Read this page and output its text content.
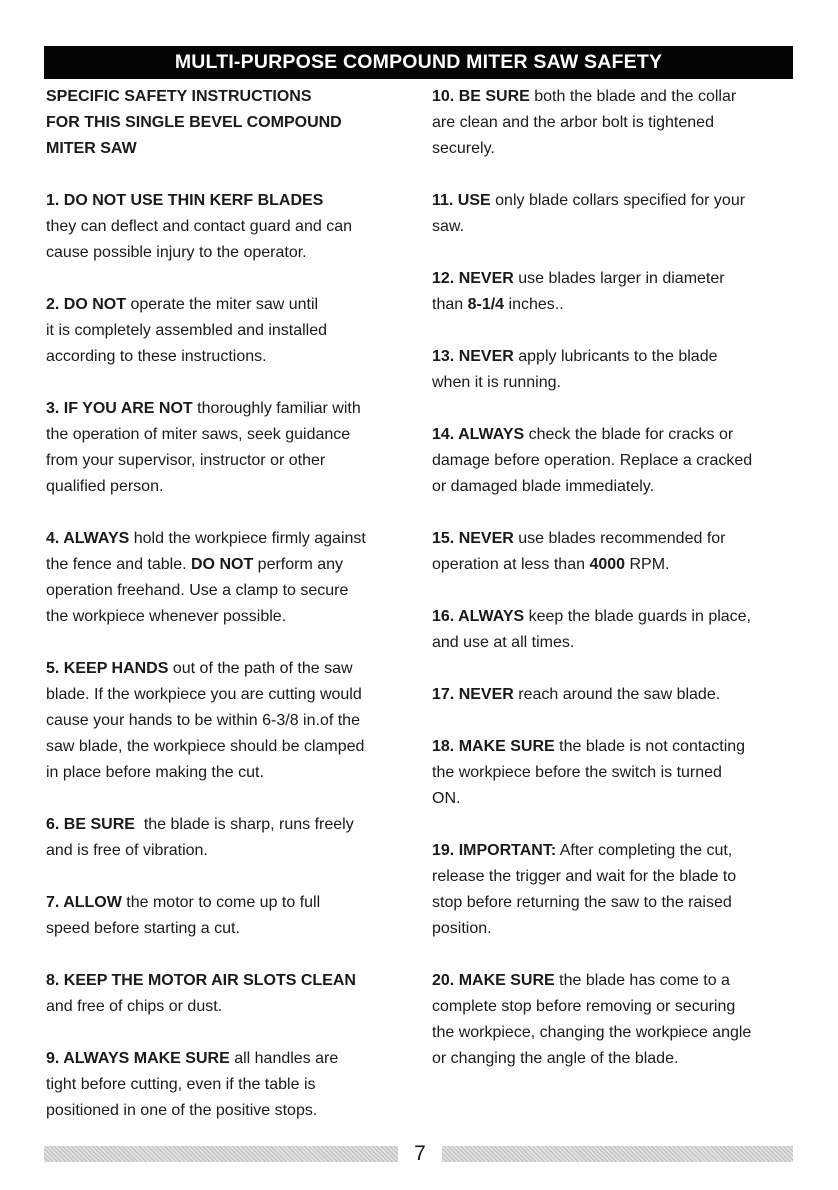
MULTI-PURPOSE COMPOUND MITER SAW SAFETY
SPECIFIC SAFETY INSTRUCTIONS
FOR THIS SINGLE BEVEL COMPOUND
MITER SAW
1. DO NOT USE THIN KERF BLADES
they can deflect and contact guard and can
cause possible injury to the operator.
2. DO NOT operate the miter saw until
it is completely assembled and installed
according to these instructions.
3. IF YOU ARE NOT thoroughly familiar with
the operation of miter saws, seek guidance
from your supervisor, instructor or other
qualified person.
4. ALWAYS hold the workpiece firmly against
the fence and table. DO NOT perform any
operation freehand. Use a clamp to secure
the workpiece whenever possible.
5. KEEP HANDS out of the path of the saw
blade. If the workpiece you are cutting would
cause your hands to be within 6-3/8 in.of the
saw blade, the workpiece should be clamped
in place before making the cut.
6. BE SURE  the blade is sharp, runs freely
and is free of vibration.
7. ALLOW the motor to come up to full
speed before starting a cut.
8. KEEP THE MOTOR AIR SLOTS CLEAN
and free of chips or dust.
9. ALWAYS MAKE SURE all handles are
tight before cutting, even if the table is
positioned in one of the positive stops.
10. BE SURE both the blade and the collar
are clean and the arbor bolt is tightened
securely.
11. USE only blade collars specified for your
saw.
12. NEVER use blades larger in diameter
than 8-1/4 inches..
13. NEVER apply lubricants to the blade
when it is running.
14. ALWAYS check the blade for cracks or
damage before operation. Replace a cracked
or damaged blade immediately.
15. NEVER use blades recommended for
operation at less than 4000 RPM.
16. ALWAYS keep the blade guards in place,
and use at all times.
17. NEVER reach around the saw blade.
18. MAKE SURE the blade is not contacting
the workpiece before the switch is turned
ON.
19. IMPORTANT: After completing the cut,
release the trigger and wait for the blade to
stop before returning the saw to the raised
position.
20. MAKE SURE the blade has come to a
complete stop before removing or securing
the workpiece, changing the workpiece angle
or changing the angle of the blade.
7
